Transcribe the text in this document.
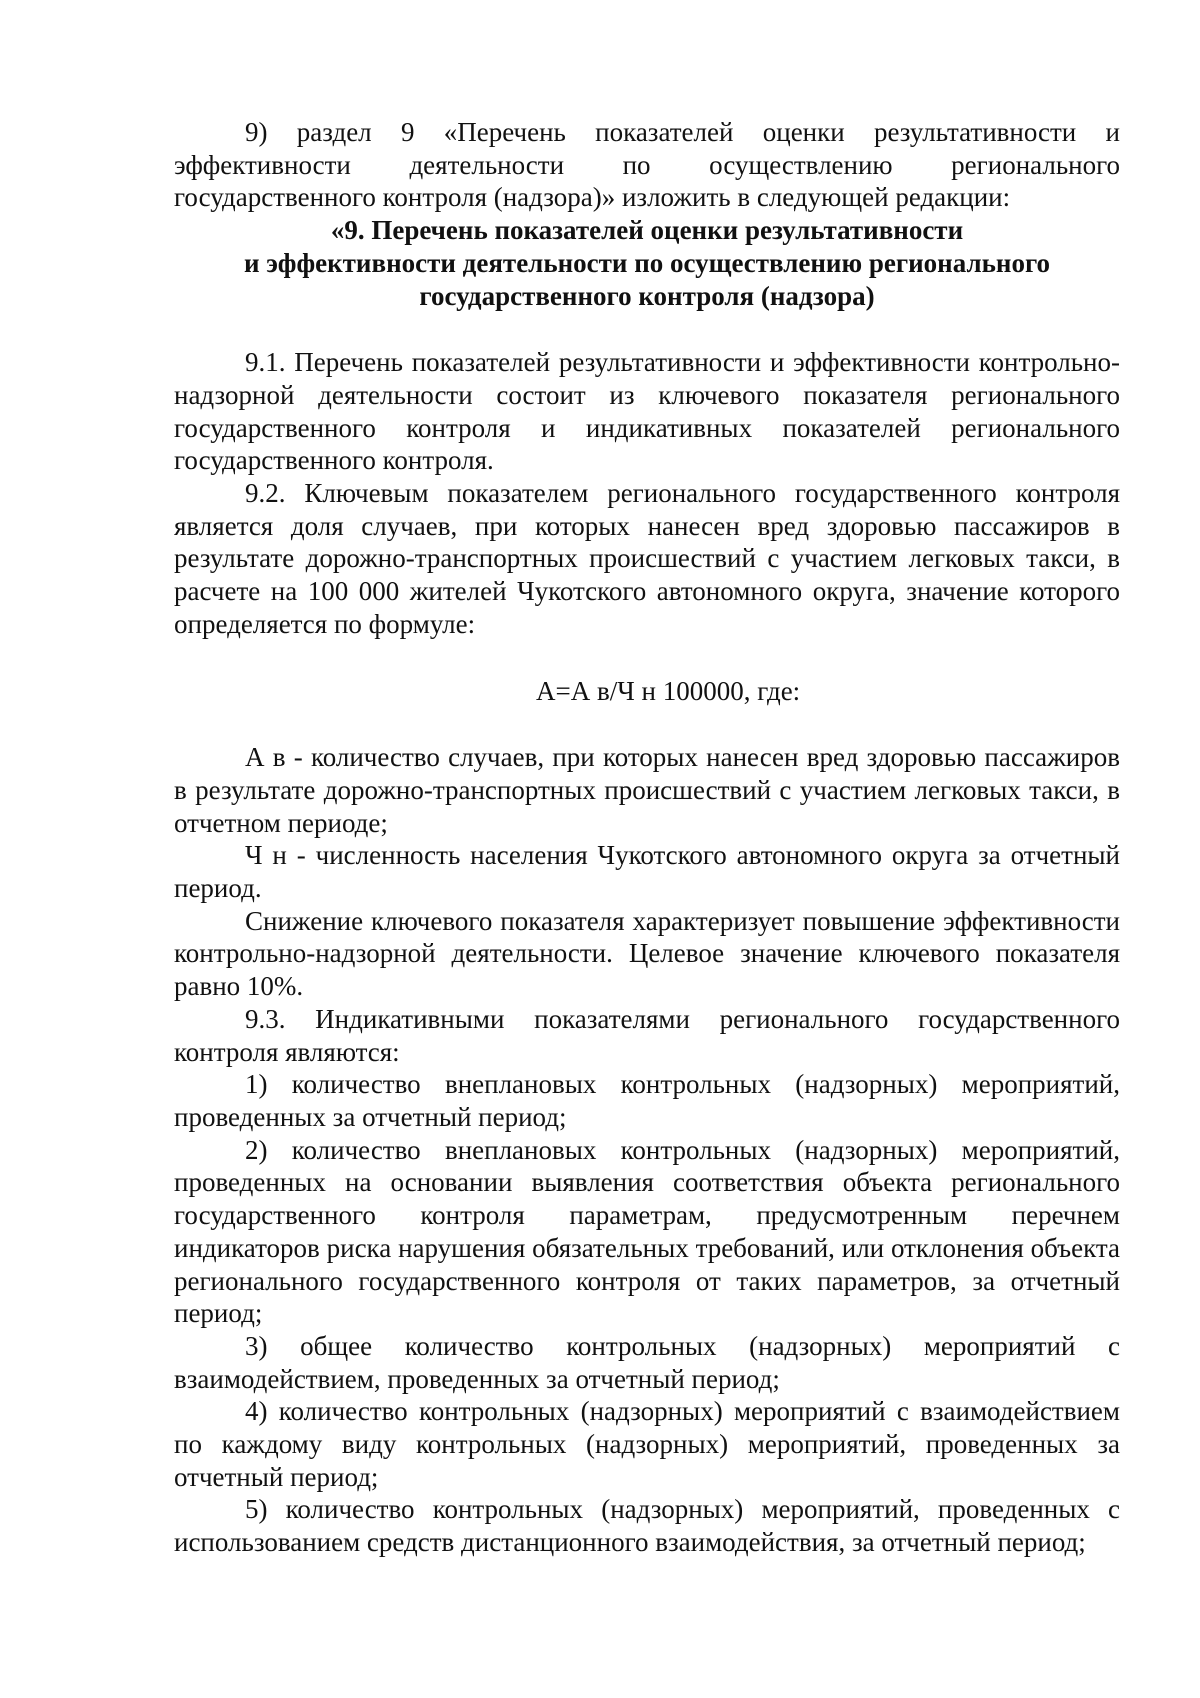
9) раздел 9 «Перечень показателей оценки результативности и эффективности деятельности по осуществлению регионального государственного контроля (надзора)» изложить в следующей редакции:

«9. Перечень показателей оценки результативности
и эффективности деятельности по осуществлению регионального
государственного контроля (надзора)

9.1. Перечень показателей результативности и эффективности контрольно-надзорной деятельности состоит из ключевого показателя регионального государственного контроля и индикативных показателей регионального государственного контроля.

9.2. Ключевым показателем регионального государственного контроля является доля случаев, при которых нанесен вред здоровью пассажиров в результате дорожно-транспортных происшествий с участием легковых такси, в расчете на 100 000 жителей Чукотского автономного округа, значение которого определяется по формуле:

А=А в/Ч н 100000, где:

А в - количество случаев, при которых нанесен вред здоровью пассажиров в результате дорожно-транспортных происшествий с участием легковых такси, в отчетном периоде;

Ч н - численность населения Чукотского автономного округа за отчетный период.

Снижение ключевого показателя характеризует повышение эффективности контрольно-надзорной деятельности. Целевое значение ключевого показателя равно 10%.

9.3. Индикативными показателями регионального государственного контроля являются:

1) количество внеплановых контрольных (надзорных) мероприятий, проведенных за отчетный период;

2) количество внеплановых контрольных (надзорных) мероприятий, проведенных на основании выявления соответствия объекта регионального государственного контроля параметрам, предусмотренным перечнем индикаторов риска нарушения обязательных требований, или отклонения объекта регионального государственного контроля от таких параметров, за отчетный период;

3) общее количество контрольных (надзорных) мероприятий с взаимодействием, проведенных за отчетный период;

4) количество контрольных (надзорных) мероприятий с взаимодействием по каждому виду контрольных (надзорных) мероприятий, проведенных за отчетный период;

5) количество контрольных (надзорных) мероприятий, проведенных с использованием средств дистанционного взаимодействия, за отчетный период;
